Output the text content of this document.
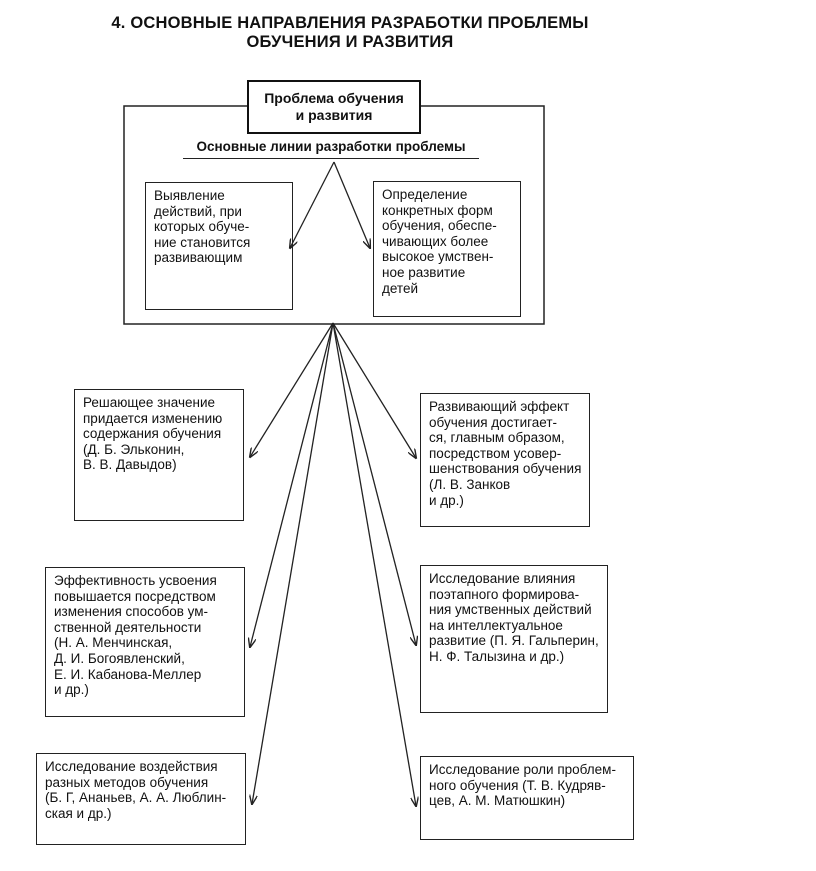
4. ОСНОВНЫЕ НАПРАВЛЕНИЯ РАЗРАБОТКИ ПРОБЛЕМЫ
ОБУЧЕНИЯ И РАЗВИТИЯ
Проблема обучения
и развития
Основные линии разработки проблемы
Выявление
действий, при
которых обуче-
ние становится
развивающим
Определение
конкретных форм
обучения, обеспе-
чивающих более
высокое умствен-
ное развитие
детей
Решающее значение
придается изменению
содержания обучения
(Д. Б. Эльконин,
В. В. Давыдов)
Эффективность усвоения
повышается посредством
изменения способов ум-
ственной деятельности
(Н. А. Менчинская,
Д. И. Богоявленский,
Е. И. Кабанова-Меллер
и др.)
Исследование воздействия
разных методов обучения
(Б. Г, Ананьев, А. А. Люблин-
ская и др.)
Развивающий эффект
обучения достигает-
ся, главным образом,
посредством усовер-
шенствования обучения
(Л. В. Занков
и др.)
Исследование влияния
поэтапного формирова-
ния умственных действий
на интеллектуальное
развитие (П. Я. Гальперин,
Н. Ф. Талызина и др.)
Исследование роли проблем-
ного обучения (Т. В. Кудряв-
цев, А. М. Матюшкин)
